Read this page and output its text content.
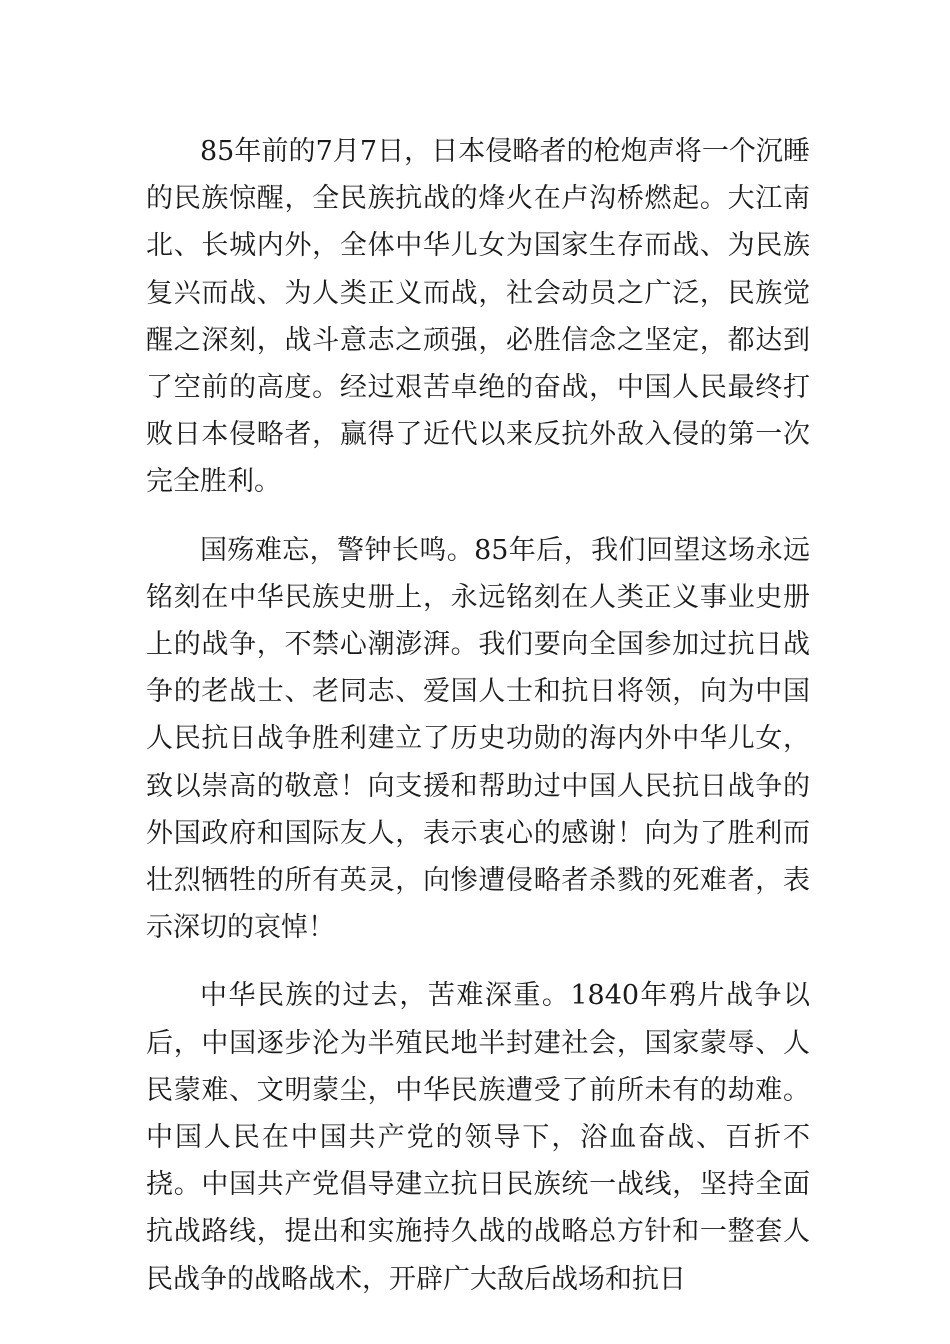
85年前的7月7日，日本侵略者的枪炮声将一个沉睡的民族惊醒，全民族抗战的烽火在卢沟桥燃起。大江南北、长城内外，全体中华儿女为国家生存而战、为民族复兴而战、为人类正义而战，社会动员之广泛，民族觉醒之深刻，战斗意志之顽强，必胜信念之坚定，都达到了空前的高度。经过艰苦卓绝的奋战，中国人民最终打败日本侵略者，赢得了近代以来反抗外敌入侵的第一次完全胜利。

国殇难忘，警钟长鸣。85年后，我们回望这场永远铭刻在中华民族史册上，永远铭刻在人类正义事业史册上的战争，不禁心潮澎湃。我们要向全国参加过抗日战争的老战士、老同志、爱国人士和抗日将领，向为中国人民抗日战争胜利建立了历史功勋的海内外中华儿女，致以崇高的敬意！向支援和帮助过中国人民抗日战争的外国政府和国际友人，表示衷心的感谢！向为了胜利而壮烈牺牲的所有英灵，向惨遭侵略者杀戮的死难者，表示深切的哀悼！

中华民族的过去，苦难深重。1840年鸦片战争以后，中国逐步沦为半殖民地半封建社会，国家蒙辱、人民蒙难、文明蒙尘，中华民族遭受了前所未有的劫难。中国人民在中国共产党的领导下，浴血奋战、百折不挠。中国共产党倡导建立抗日民族统一战线，坚持全面抗战路线，提出和实施持久战的战略总方针和一整套人民战争的战略战术，开辟广大敌后战场和抗日
